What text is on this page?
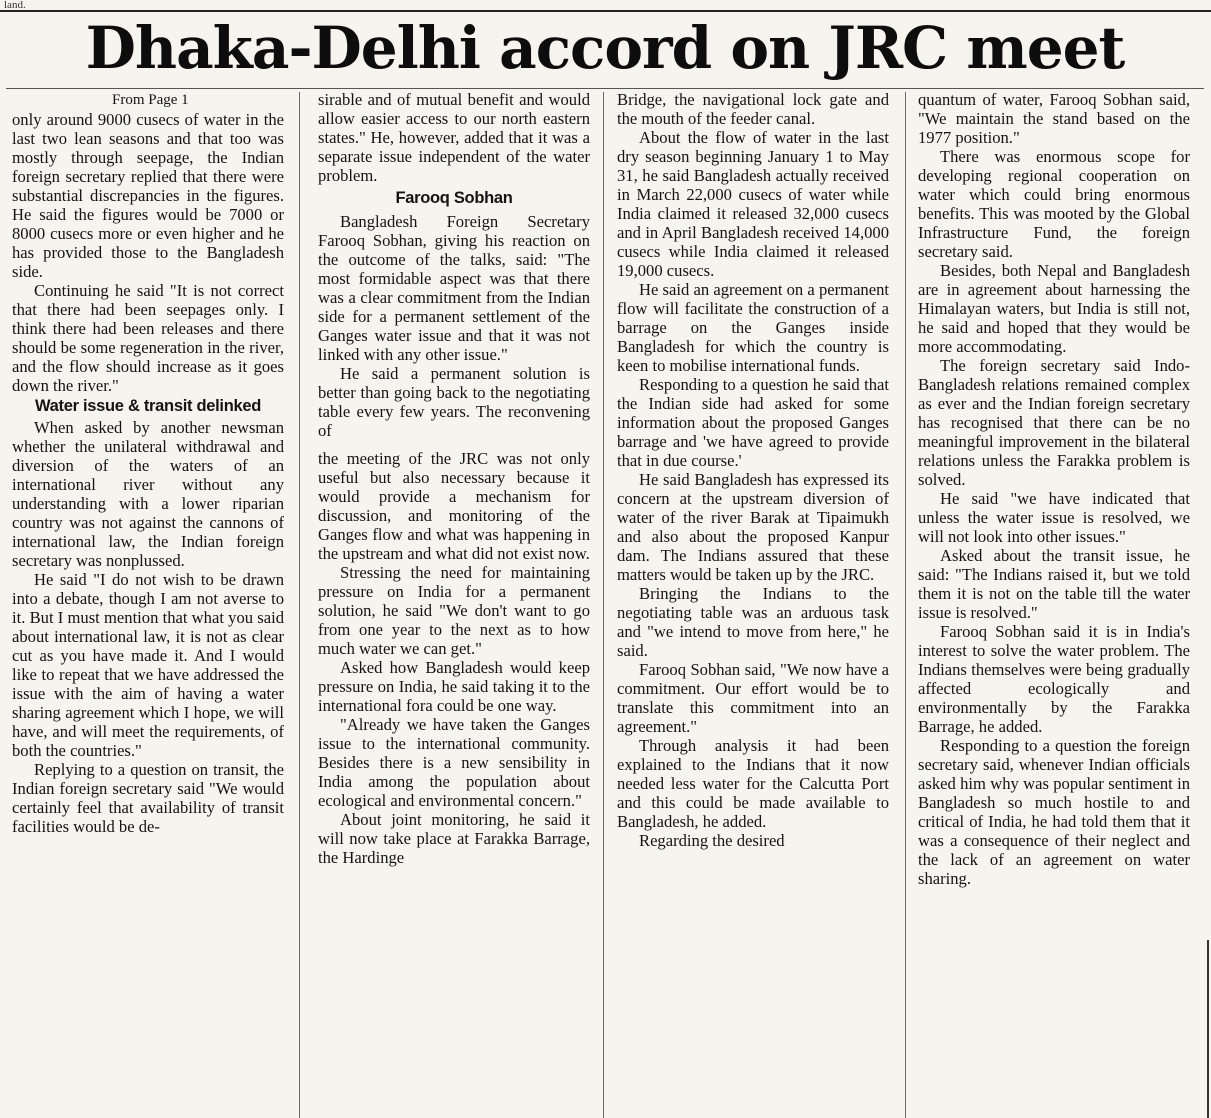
land.
Dhaka-Delhi accord on JRC meet

From Page 1

only around 9000 cusecs of water in the last two lean seasons and that too was mostly through seepage, the Indian foreign secretary replied that there were substantial discrepancies in the figures. He said the figures would be 7000 or 8000 cusecs more or even higher and he has provided those to the Bangladesh side.

Continuing he said "It is not correct that there had been seepages only. I think there had been releases and there should be some regeneration in the river, and the flow should increase as it goes down the river."

Water issue & transit delinked

When asked by another newsman whether the unilateral withdrawal and diversion of the waters of an international river without any understanding with a lower riparian country was not against the cannons of international law, the Indian foreign secretary was nonplussed.

He said "I do not wish to be drawn into a debate, though I am not averse to it. But I must mention that what you said about international law, it is not as clear cut as you have made it. And I would like to repeat that we have addressed the issue with the aim of having a water sharing agreement which I hope, we will have, and will meet the requirements, of both the countries."

Replying to a question on transit, the Indian foreign secretary said "We would certainly feel that availability of transit facilities would be de-

sirable and of mutual benefit and would allow easier access to our north eastern states." He, however, added that it was a separate issue independent of the water problem.

Farooq Sobhan

Bangladesh Foreign Secretary Farooq Sobhan, giving his reaction on the outcome of the talks, said: "The most formidable aspect was that there was a clear commitment from the Indian side for a permanent settlement of the Ganges water issue and that it was not linked with any other issue."

He said a permanent solution is better than going back to the negotiating table every few years. The reconvening of

the meeting of the JRC was not only useful but also necessary because it would provide a mechanism for discussion, and monitoring of the Ganges flow and what was happening in the upstream and what did not exist now.

Stressing the need for maintaining pressure on India for a permanent solution, he said "We don't want to go from one year to the next as to how much water we can get."

Asked how Bangladesh would keep pressure on India, he said taking it to the international fora could be one way.

"Already we have taken the Ganges issue to the international community. Besides there is a new sensibility in India among the population about ecological and environmental concern."

About joint monitoring, he said it will now take place at Farakka Barrage, the Hardinge

Bridge, the navigational lock gate and the mouth of the feeder canal.

About the flow of water in the last dry season beginning January 1 to May 31, he said Bangladesh actually received in March 22,000 cusecs of water while India claimed it released 32,000 cusecs and in April Bangladesh received 14,000 cusecs while India claimed it released 19,000 cusecs.

He said an agreement on a permanent flow will facilitate the construction of a barrage on the Ganges inside Bangladesh for which the country is keen to mobilise international funds.

Responding to a question he said that the Indian side had asked for some information about the proposed Ganges barrage and 'we have agreed to provide that in due course.'

He said Bangladesh has expressed its concern at the upstream diversion of water of the river Barak at Tipaimukh and also about the proposed Kanpur dam. The Indians assured that these matters would be taken up by the JRC.

Bringing the Indians to the negotiating table was an arduous task and "we intend to move from here," he said.

Farooq Sobhan said, "We now have a commitment. Our effort would be to translate this commitment into an agreement."

Through analysis it had been explained to the Indians that it now needed less water for the Calcutta Port and this could be made available to Bangladesh, he added.

Regarding the desired

quantum of water, Farooq Sobhan said, "We maintain the stand based on the 1977 position."

There was enormous scope for developing regional cooperation on water which could bring enormous benefits. This was mooted by the Global Infrastructure Fund, the foreign secretary said.

Besides, both Nepal and Bangladesh are in agreement about harnessing the Himalayan waters, but India is still not, he said and hoped that they would be more accommodating.

The foreign secretary said Indo-Bangladesh relations remained complex as ever and the Indian foreign secretary has recognised that there can be no meaningful improvement in the bilateral relations unless the Farakka problem is solved.

He said "we have indicated that unless the water issue is resolved, we will not look into other issues."

Asked about the transit issue, he said: "The Indians raised it, but we told them it is not on the table till the water issue is resolved."

Farooq Sobhan said it is in India's interest to solve the water problem. The Indians themselves were being gradually affected ecologically and environmentally by the Farakka Barrage, he added.

Responding to a question the foreign secretary said, whenever Indian officials asked him why was popular sentiment in Bangladesh so much hostile to and critical of India, he had told them that it was a consequence of their neglect and the lack of an agreement on water sharing.
